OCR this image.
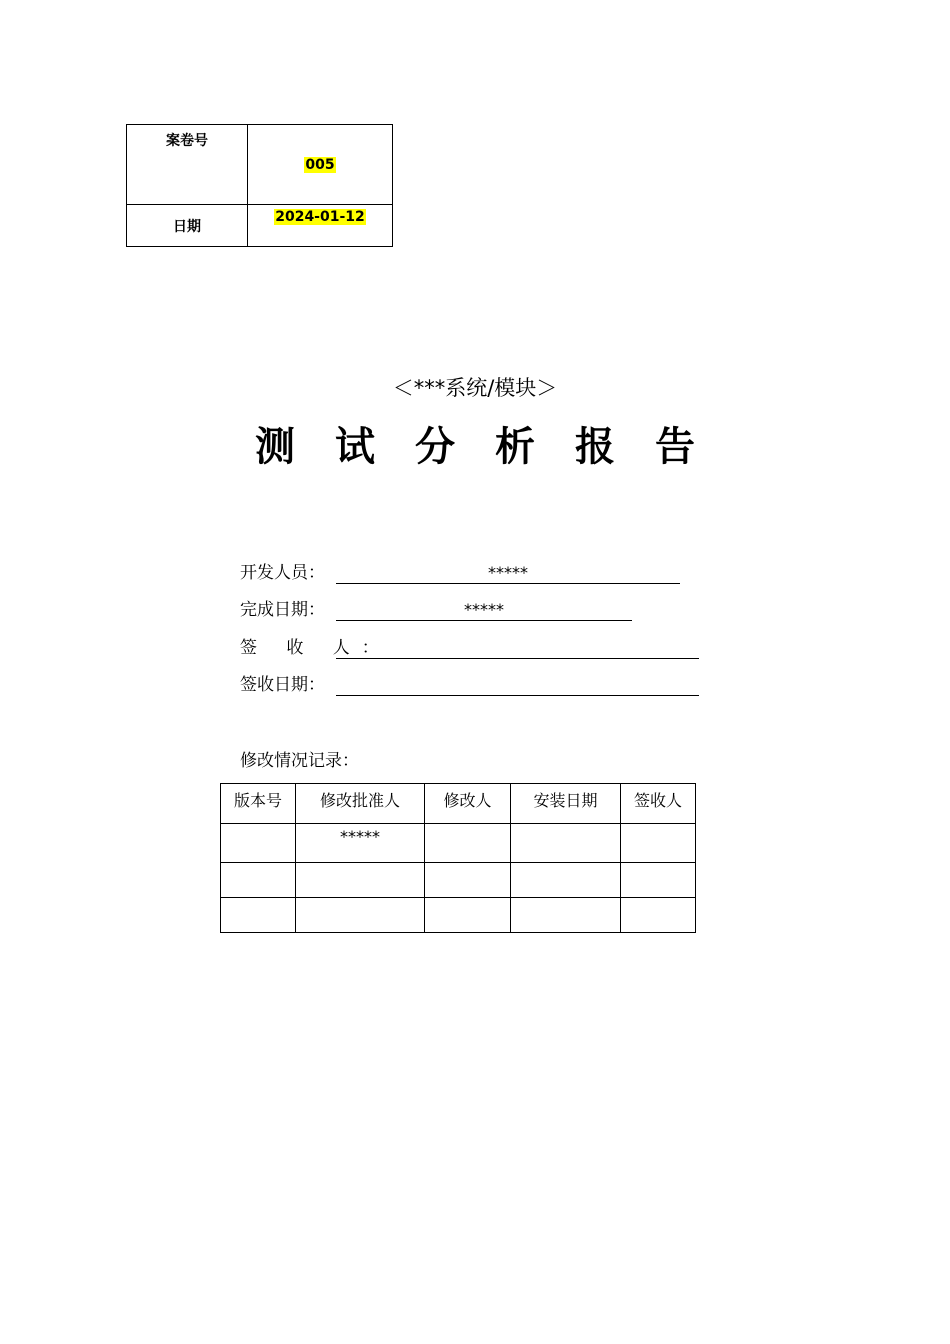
案卷号	005
日期	2024-01-12
＜***系统/模块＞
测试分析报告
开发人员：	*****
完成日期：	*****
签 收 人：
签收日期：
修改情况记录：
版本号	修改批准人	修改人	安装日期	签收人
	*****			
